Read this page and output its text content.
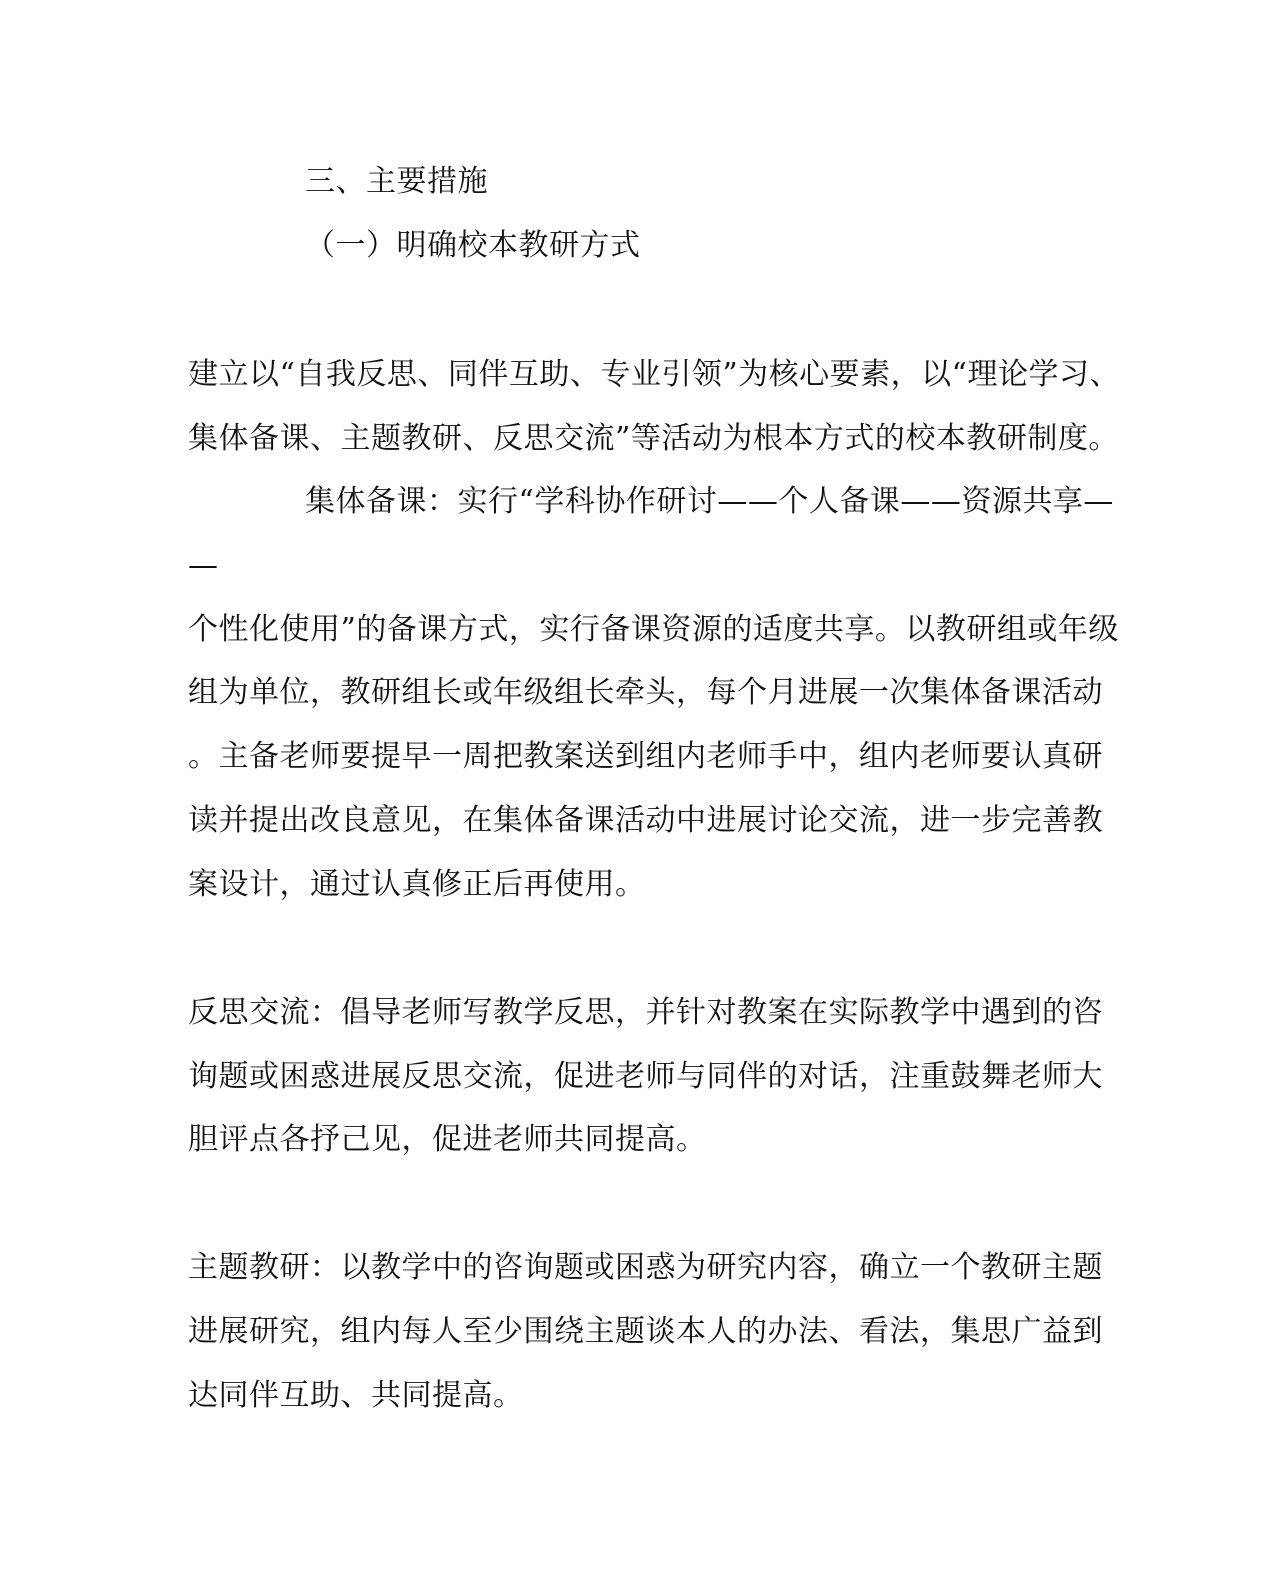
三、主要措施
（一）明确校本教研方式
建立以“自我反思、同伴互助、专业引领”为核心要素，以“理论学习、
集体备课、主题教研、反思交流”等活动为根本方式的校本教研制度。
集体备课：实行“学科协作研讨——个人备课——资源共享—
—
个性化使用”的备课方式，实行备课资源的适度共享。以教研组或年级
组为单位，教研组长或年级组长牵头，每个月进展一次集体备课活动
。主备老师要提早一周把教案送到组内老师手中，组内老师要认真研
读并提出改良意见，在集体备课活动中进展讨论交流，进一步完善教
案设计，通过认真修正后再使用。
反思交流：倡导老师写教学反思，并针对教案在实际教学中遇到的咨
询题或困惑进展反思交流，促进老师与同伴的对话，注重鼓舞老师大
胆评点各抒己见，促进老师共同提高。
主题教研：以教学中的咨询题或困惑为研究内容，确立一个教研主题
进展研究，组内每人至少围绕主题谈本人的办法、看法，集思广益到
达同伴互助、共同提高。
